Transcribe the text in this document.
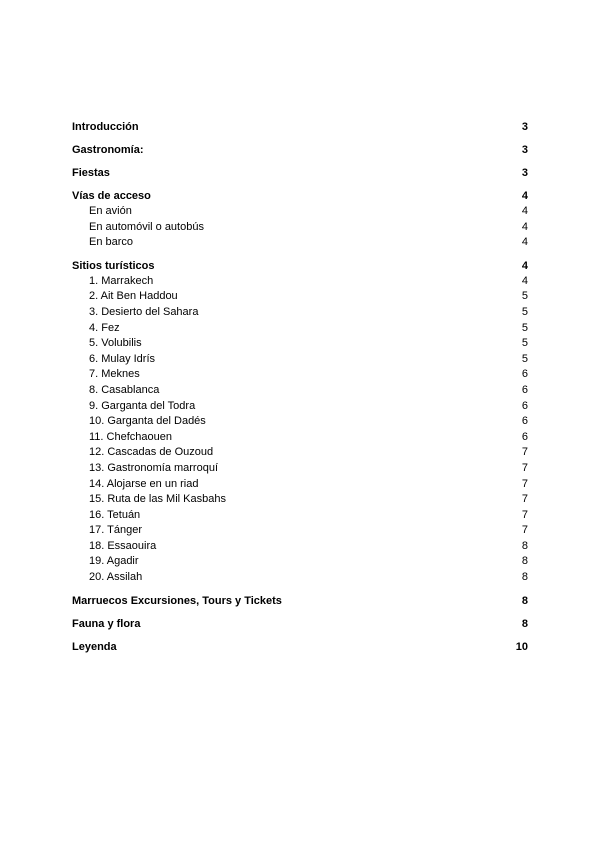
Introducción	3
Gastronomía:	3
Fiestas	3
Vías de acceso	4
En avión	4
En automóvil o autobús	4
En barco	4
Sitios turísticos	4
1. Marrakech	4
2. Ait Ben Haddou	5
3. Desierto del Sahara	5
4. Fez	5
5. Volubilis	5
6. Mulay Idrís	5
7. Meknes	6
8. Casablanca	6
9. Garganta del Todra	6
10. Garganta del Dadés	6
11. Chefchaouen	6
12. Cascadas de Ouzoud	7
13. Gastronomía marroquí	7
14. Alojarse en un riad	7
15. Ruta de las Mil Kasbahs	7
16. Tetuán	7
17. Tánger	7
18. Essaouira	8
19. Agadir	8
20. Assilah	8
Marruecos Excursiones, Tours y Tickets	8
Fauna y flora	8
Leyenda	10
